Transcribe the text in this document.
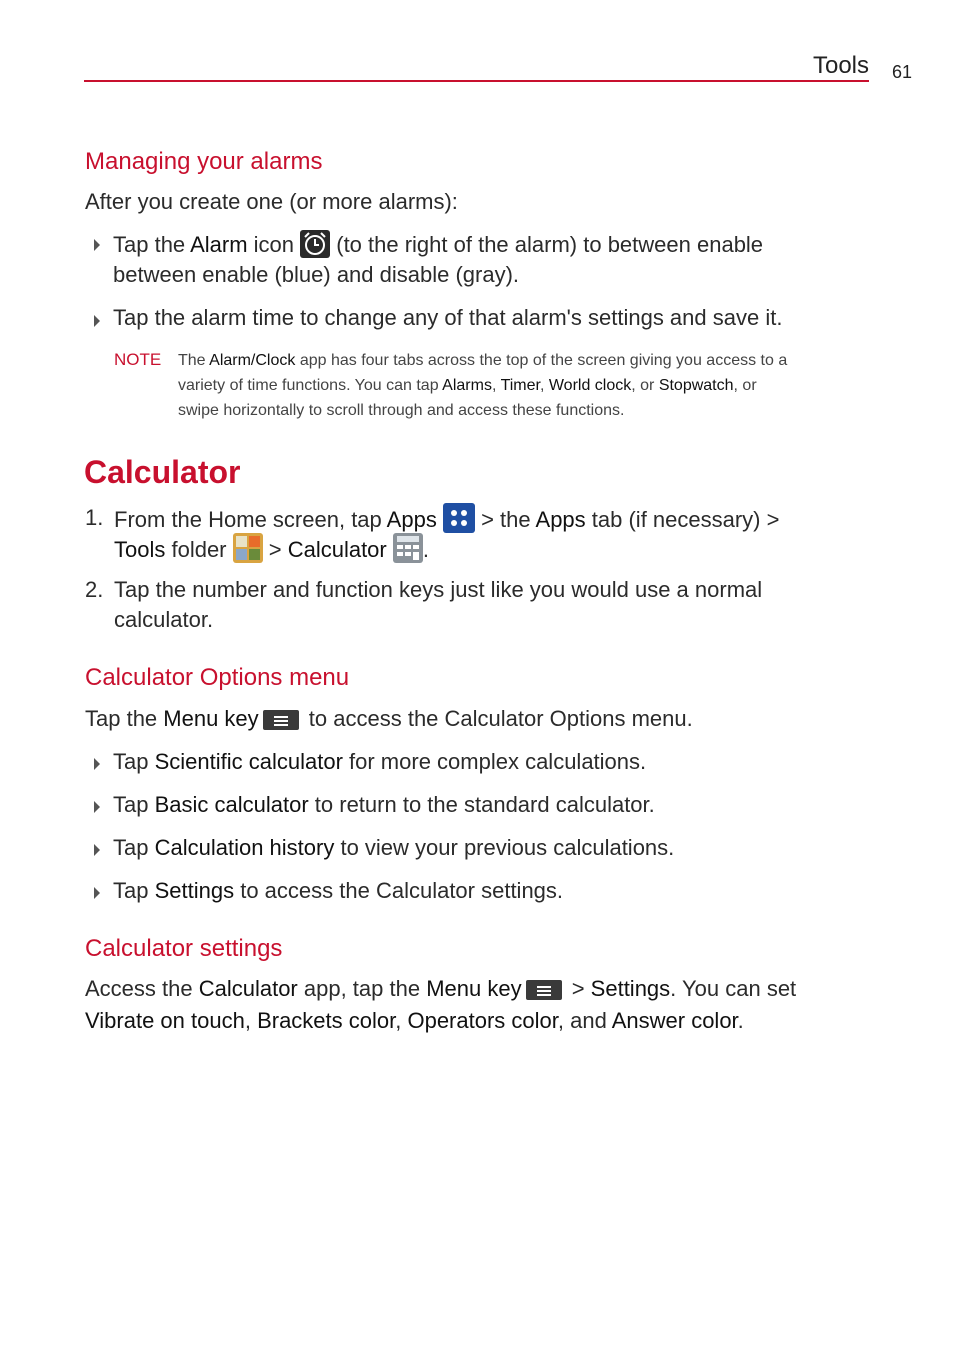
Tools 61
Managing your alarms
After you create one (or more alarms):
Tap the Alarm icon  (to the right of the alarm) to between enable
between enable (blue) and disable (gray).
Tap the alarm time to change any of that alarm's settings and save it.
NOTE The Alarm/Clock app has four tabs across the top of the screen giving you access to a
variety of time functions. You can tap Alarms, Timer, World clock, or Stopwatch, or
swipe horizontally to scroll through and access these functions.
Calculator
1. From the Home screen, tap Apps  > the Apps tab (if necessary) >
Tools folder  > Calculator .
2. Tap the number and function keys just like you would use a normal
calculator.
Calculator Options menu
Tap the Menu key to access the Calculator Options menu.
Tap Scientific calculator for more complex calculations.
Tap Basic calculator to return to the standard calculator.
Tap Calculation history to view your previous calculations.
Tap Settings to access the Calculator settings.
Calculator settings
Access the Calculator app, tap the Menu key > Settings. You can set
Vibrate on touch, Brackets color, Operators color, and Answer color.
